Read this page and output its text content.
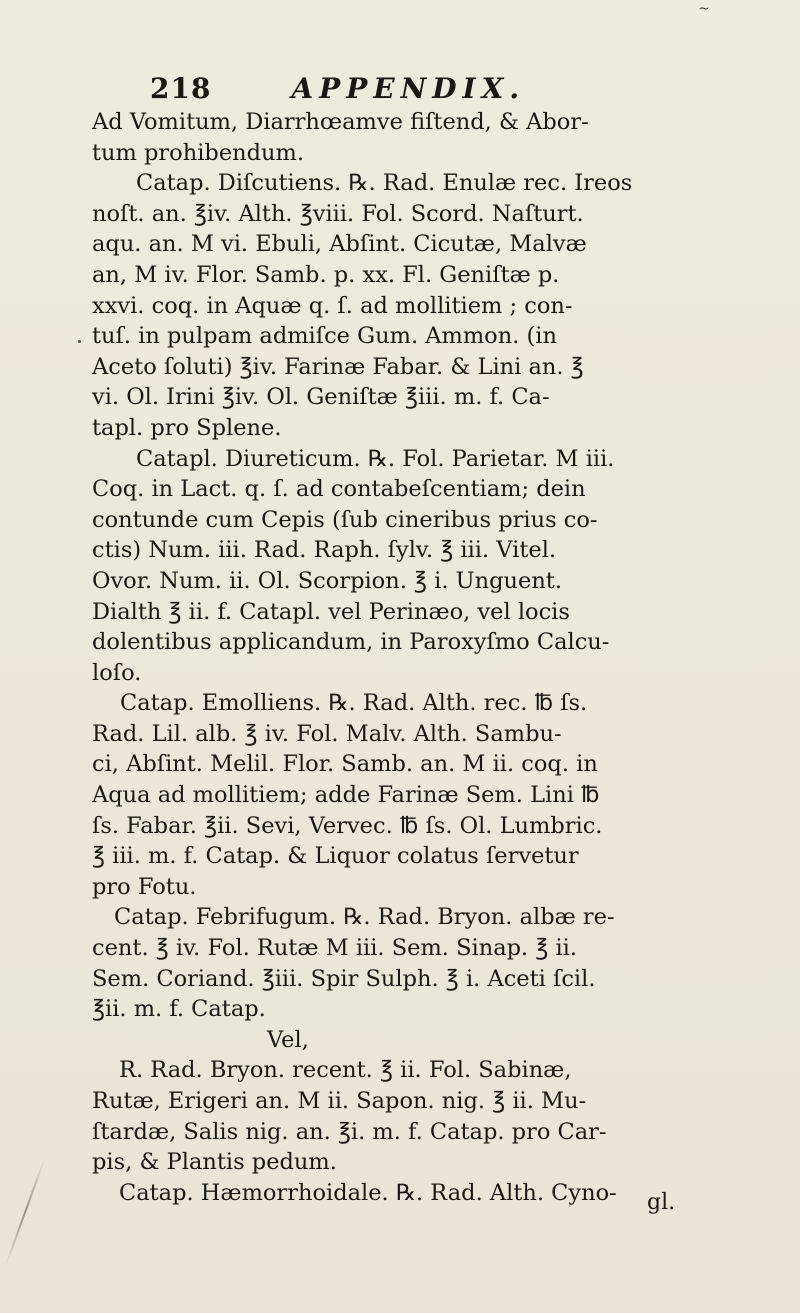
~
218	APPENDIX.
Ad Vomitum, Diarrhœamve fiſtend, & Abor-
tum prohibendum.
Catap. Diſcutiens. ℞. Rad. Enulæ rec. Ireos
noſt. an. ℥iv. Alth. ℥viii. Fol. Scord. Naſturt.
aqu. an. M vi. Ebuli, Abſint. Cicutæ, Malvæ
an, M iv. Flor. Samb. p. xx. Fl. Geniſtæ p.
xxvi. coq. in Aquæ q. ſ. ad mollitiem ; con-
tuſ. in pulpam admiſce Gum. Ammon. (in
Aceto ſoluti) ℥iv. Farinæ Fabar. & Lini an. ℥
vi. Ol. Irini ℥iv. Ol. Geniſtæ ℥iii. m. f. Ca-
tapl. pro Splene.
Catapl. Diureticum. ℞. Fol. Parietar. M iii.
Coq. in Lact. q. ſ. ad contabeſcentiam; dein
contunde cum Cepis (ſub cineribus prius co-
ctis) Num. iii. Rad. Raph. ſylv. ℥ iii. Vitel.
Ovor. Num. ii. Ol. Scorpion. ℥ i. Unguent.
Dialth ℥ ii. f. Catapl. vel Perinæo, vel locis
dolentibus applicandum, in Paroxyſmo Calcu-
loſo.
Catap. Emolliens. ℞. Rad. Alth. rec. ℔ ſs.
Rad. Lil. alb. ℥ iv. Fol. Malv. Alth. Sambu-
ci, Abſint. Melil. Flor. Samb. an. M ii. coq. in
Aqua ad mollitiem; adde Farinæ Sem. Lini ℔
ſs. Fabar. ℥ii. Sevi, Vervec. ℔ ſs. Ol. Lumbric.
℥ iii. m. f. Catap. & Liquor colatus ſervetur
pro Fotu.
Catap. Febrifugum. ℞. Rad. Bryon. albæ re-
cent. ℥ iv. Fol. Rutæ M iii. Sem. Sinap. ℥ ii.
Sem. Coriand. ℥iii. Spir Sulph. ℥ i. Aceti ſcil.
℥ii. m. f. Catap.
Vel,
R. Rad. Bryon. recent. ℥ ii. Fol. Sabinæ,
Rutæ, Erigeri an. M ii. Sapon. nig. ℥ ii. Mu-
ſtardæ, Salis nig. an. ℥i. m. f. Catap. pro Car-
pis, & Plantis pedum.
Catap. Hæmorrhoidale. ℞. Rad. Alth. Cyno-	gl.
